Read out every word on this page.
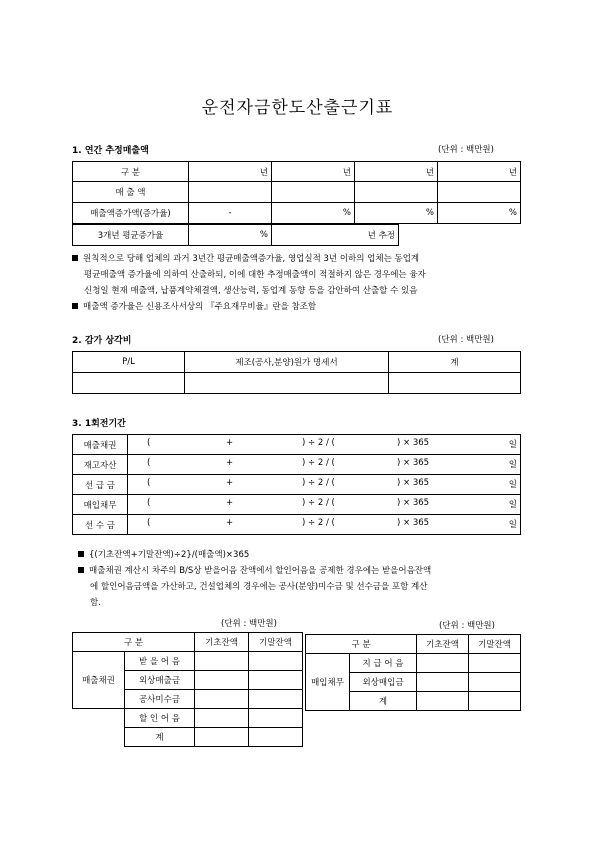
운전자금한도산출근기표
1. 연간 추정매출액	(단위 : 백만원)
구 분	년	년	년	년
매 출 액				
매출액증가액(증가율)	-	%	%	%
3개년 평균증가율	%	년 추정
원칙적으로 당해 업체의 과거 3년간 평균매출액증가율, 영업실적 3년 이하의 업체는 동업계
평균매출액 증가율에 의하여 산출하되, 이에 대한 추정매출액이 적절하지 않은 경우에는 융자
신청일 현재 매출액, 납품계약체결액, 생산능력, 동업계 동향 등을 감안하여 산출할 수 있음
매출액 증가율은 신용조사서상의 『주요재무비율』란을 참조함
2. 감가 상각비	(단위 : 백만원)
P/L	제조(공사,분양)원가 명세서	계

3. 1회전기간
매출채권	( + ) ÷ 2 / ( ) × 365 일

재고자산	( + ) ÷ 2 / ( ) × 365 일

선 급 금	( + ) ÷ 2 / ( ) × 365 일

매입채무	( + ) ÷ 2 / ( ) × 365 일

선 수 금	( + ) ÷ 2 / ( ) × 365 일
{(기초잔액+기말잔액)÷2}/(매출액)×365
매출채권 계산시 차주의 B/S상 받을어음 잔액에서 할인어음을 공제한 경우에는 받을어음잔액
에 할인어음금액을 가산하고, 건설업체의 경우에는 공사(분양)미수금 및 선수금을 포함 계산
함.
(단위 : 백만원)
구 분		기초잔액	기말잔액
매출채권	받 을 어 음		
	외상매출금		
	공사미수금		
	할 인 어 음		
	계		
(단위 : 백만원)
구 분		기초잔액	기말잔액
매입채무	지 급 어 음		
	외상매입금		
	계		
